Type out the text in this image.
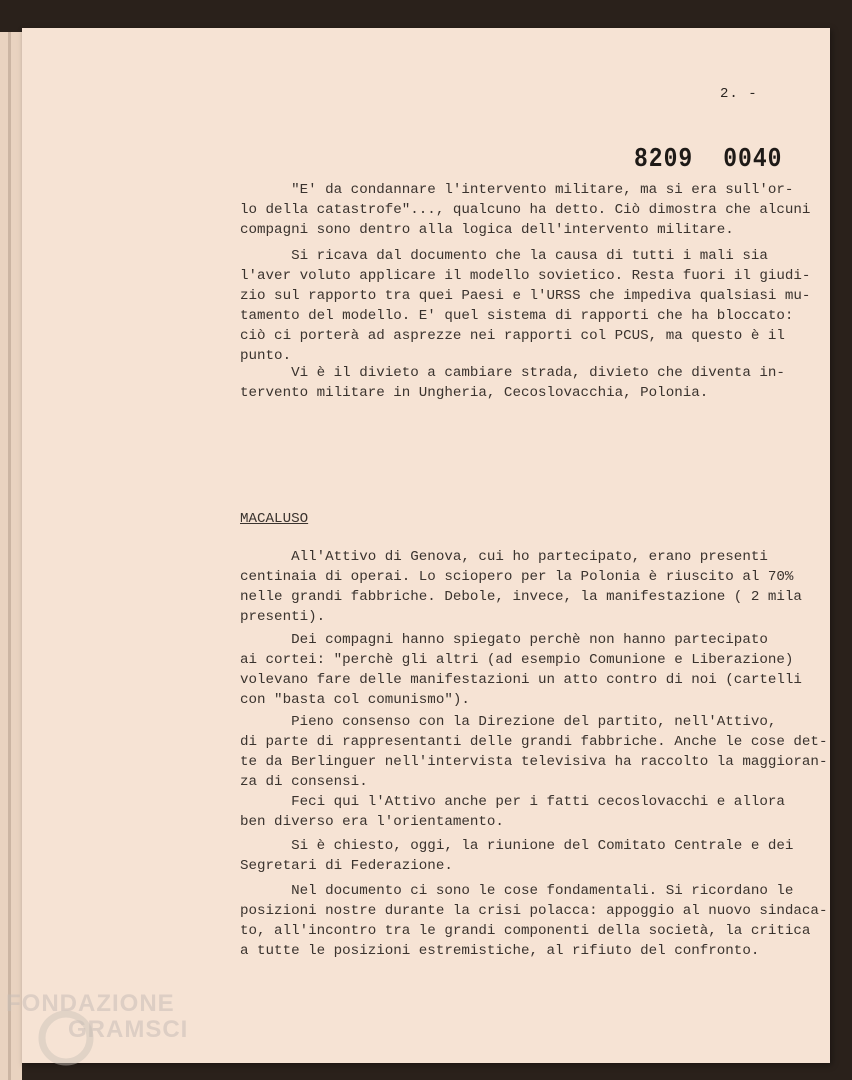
2. -
8209 0040

"E' da condannare l'intervento militare, ma si era sull'or-
lo della catastrofe"..., qualcuno ha detto. Ciò dimostra che alcuni
compagni sono dentro alla logica dell'intervento militare.

Si ricava dal documento che la causa di tutti i mali sia
l'aver voluto applicare il modello sovietico. Resta fuori il giudi-
zio sul rapporto tra quei Paesi e l'URSS che impediva qualsiasi mu-
tamento del modello. E' quel sistema di rapporti che ha bloccato:
ciò ci porterà ad asprezze nei rapporti col PCUS, ma questo è il
punto.

Vi è il divieto a cambiare strada, divieto che diventa in-
tervento militare in Ungheria, Cecoslovacchia, Polonia.

MACALUSO

All'Attivo di Genova, cui ho partecipato, erano presenti
centinaia di operai. Lo sciopero per la Polonia è riuscito al 70%
nelle grandi fabbriche. Debole, invece, la manifestazione ( 2 mila
presenti).

Dei compagni hanno spiegato perchè non hanno partecipato
ai cortei: "perchè gli altri (ad esempio Comunione e Liberazione)
volevano fare delle manifestazioni un atto contro di noi (cartelli
con "basta col comunismo").

Pieno consenso con la Direzione del partito, nell'Attivo,
di parte di rappresentanti delle grandi fabbriche. Anche le cose det-
te da Berlinguer nell'intervista televisiva ha raccolto la maggioran-
za di consensi.

Feci qui l'Attivo anche per i fatti cecoslovacchi e allora
ben diverso era l'orientamento.

Si è chiesto, oggi, la riunione del Comitato Centrale e dei
Segretari di Federazione.

Nel documento ci sono le cose fondamentali. Si ricordano le
posizioni nostre durante la crisi polacca: appoggio al nuovo sindaca-
to, all'incontro tra le grandi componenti della società, la critica
a tutte le posizioni estremistiche, al rifiuto del confronto.

FONDAZIONE
GRAMSCI
